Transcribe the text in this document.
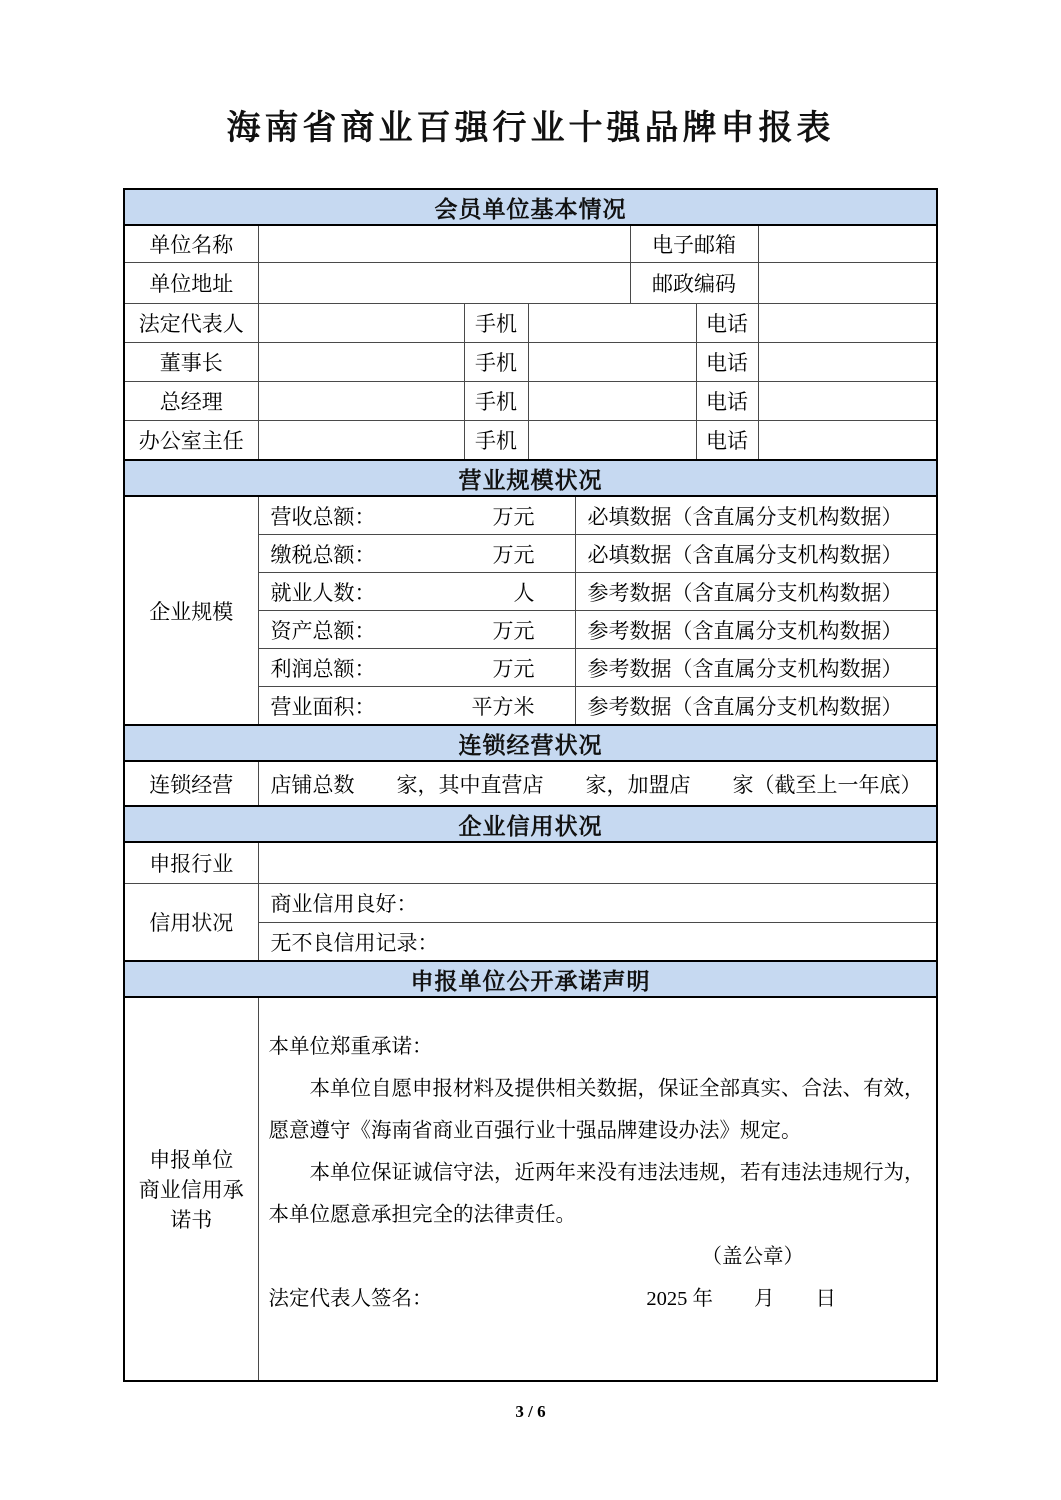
海南省商业百强行业十强品牌申报表
会员单位基本情况							
单位名称					电子邮箱		
单位地址					邮政编码		
法定代表人		手机				电话	
董事长		手机				电话	
总经理		手机				电话	
办公室主任		手机				电话	
营业规模状况							
企业规模	营收总额： 万元			必填数据（含直属分支机构数据）			

	缴税总额： 万元			必填数据（含直属分支机构数据）			

	就业人数： 人			参考数据（含直属分支机构数据）			

	资产总额： 万元			参考数据（含直属分支机构数据）			

	利润总额： 万元			参考数据（含直属分支机构数据）			

	营业面积： 平方米			参考数据（含直属分支机构数据）			
连锁经营状况							
连锁经营	店铺总数　　家，其中直营店　　家，加盟店　　家（截至上一年底）						
企业信用状况							
申报行业							
信用状况	商业信用良好：						
	无不良信用记录：						
申报单位公开承诺声明							

申报单位
商业信用承
诺书

本单位郑重承诺：

本单位自愿申报材料及提供相关数据，保证全部真实、合法、有效，愿意遵守《海南省商业百强行业十强品牌建设办法》规定。

本单位保证诚信守法，近两年来没有违法违规，若有违法违规行为，本单位愿意承担完全的法律责任。

（盖公章）

法定代表人签名：	2025 年　　月　　日

3 / 6
